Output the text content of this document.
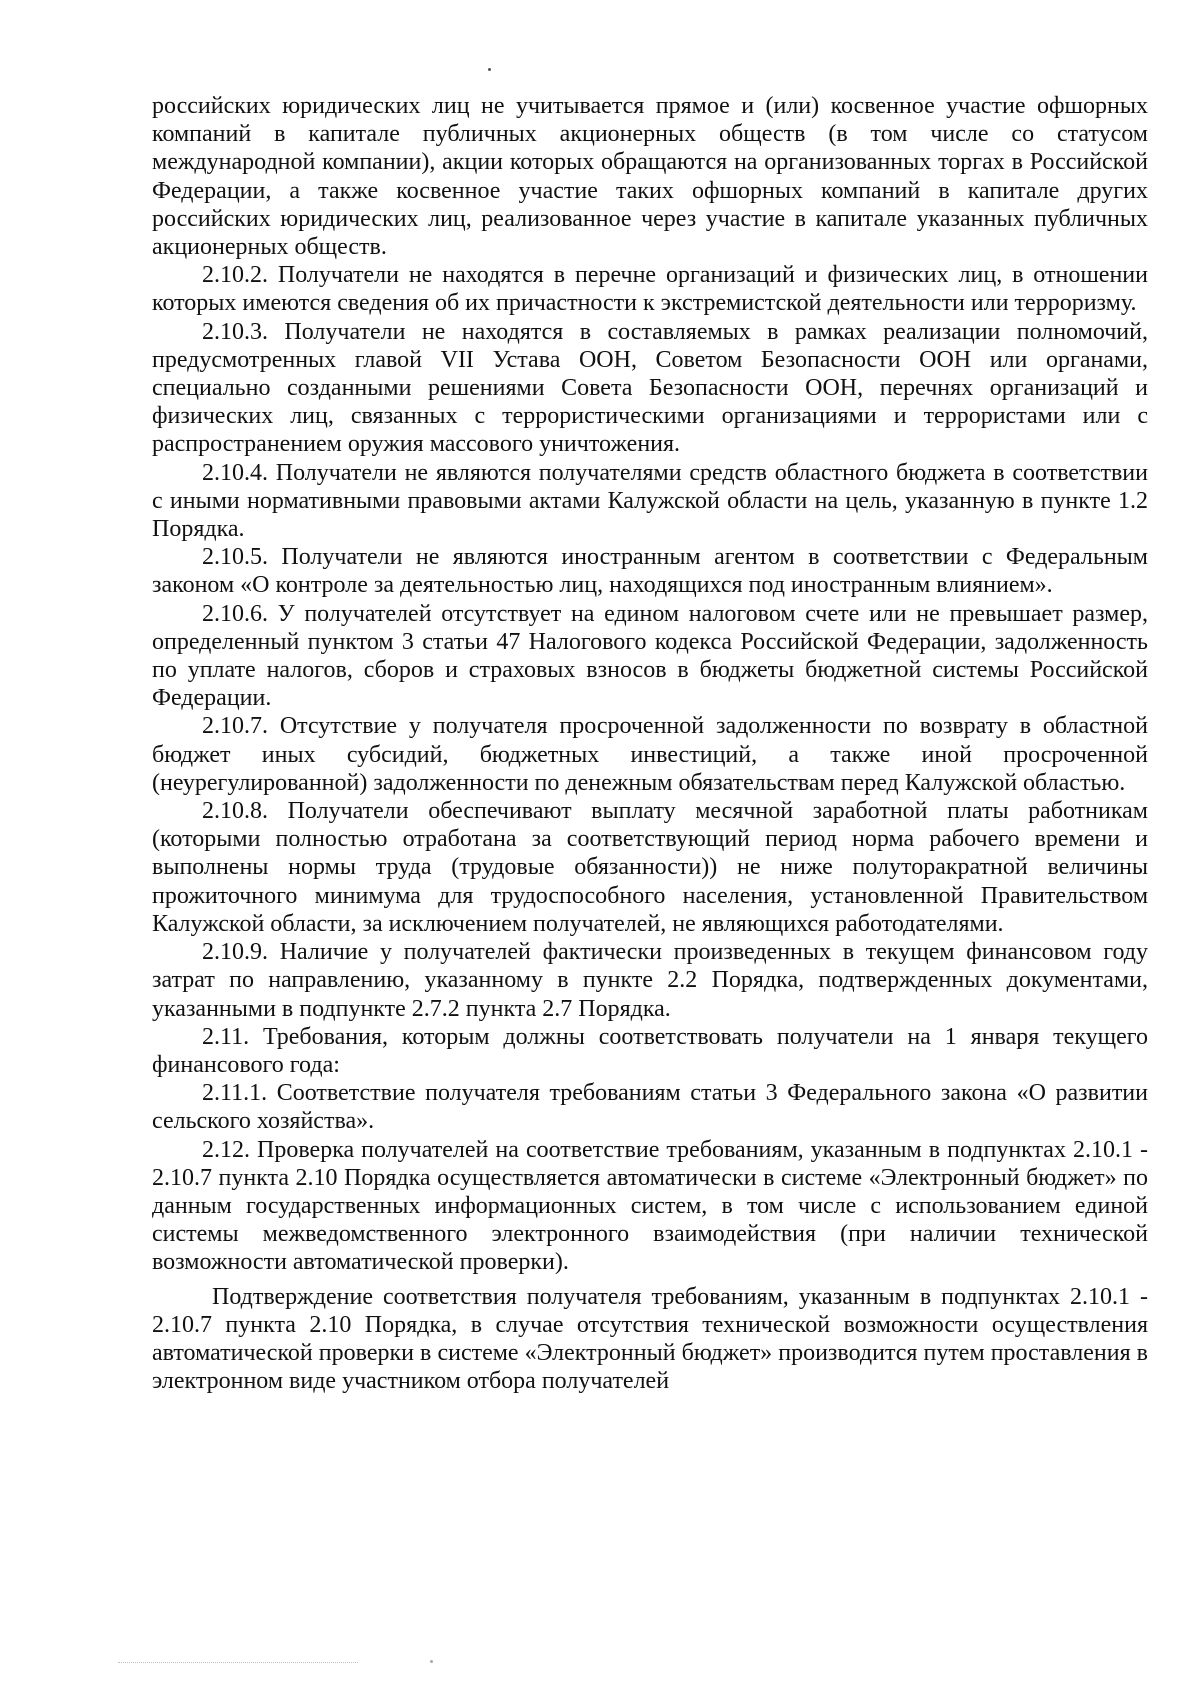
российских юридических лиц не учитывается прямое и (или) косвенное участие офшорных компаний в капитале публичных акционерных обществ (в том числе со статусом международной компании), акции которых обращаются на организованных торгах в Российской Федерации, а также косвенное участие таких офшорных компаний в капитале других российских юридических лиц, реализованное через участие в капитале указанных публичных акционерных обществ.

2.10.2. Получатели не находятся в перечне организаций и физических лиц, в отношении которых имеются сведения об их причастности к экстремистской деятельности или терроризму.

2.10.3. Получатели не находятся в составляемых в рамках реализации полномочий, предусмотренных главой VII Устава ООН, Советом Безопасности ООН или органами, специально созданными решениями Совета Безопасности ООН, перечнях организаций и физических лиц, связанных с террористическими организациями и террористами или с распространением оружия массового уничтожения.

2.10.4. Получатели не являются получателями средств областного бюджета в соответствии с иными нормативными правовыми актами Калужской области на цель, указанную в пункте 1.2 Порядка.

2.10.5. Получатели не являются иностранным агентом в соответствии с Федеральным законом «О контроле за деятельностью лиц, находящихся под иностранным влиянием».

2.10.6. У получателей отсутствует на едином налоговом счете или не превышает размер, определенный пунктом 3 статьи 47 Налогового кодекса Российской Федерации, задолженность по уплате налогов, сборов и страховых взносов в бюджеты бюджетной системы Российской Федерации.

2.10.7. Отсутствие у получателя просроченной задолженности по возврату в областной бюджет иных субсидий, бюджетных инвестиций, а также иной просроченной (неурегулированной) задолженности по денежным обязательствам перед Калужской областью.

2.10.8. Получатели обеспечивают выплату месячной заработной платы работникам (которыми полностью отработана за соответствующий период норма рабочего времени и выполнены нормы труда (трудовые обязанности)) не ниже полуторакратной величины прожиточного минимума для трудоспособного населения, установленной Правительством Калужской области, за исключением получателей, не являющихся работодателями.

2.10.9. Наличие у получателей фактически произведенных в текущем финансовом году затрат по направлению, указанному в пункте 2.2 Порядка, подтвержденных документами, указанными в подпункте 2.7.2 пункта 2.7 Порядка.

2.11. Требования, которым должны соответствовать получатели на 1 января текущего финансового года:

2.11.1. Соответствие получателя требованиям статьи 3 Федерального закона «О развитии сельского хозяйства».

2.12. Проверка получателей на соответствие требованиям, указанным в подпунктах 2.10.1 - 2.10.7 пункта 2.10 Порядка осуществляется автоматически в системе «Электронный бюджет» по данным государственных информационных систем, в том числе с использованием единой системы межведомственного электронного взаимодействия (при наличии технической возможности автоматической проверки).

Подтверждение соответствия получателя требованиям, указанным в подпунктах 2.10.1 - 2.10.7 пункта 2.10 Порядка, в случае отсутствия технической возможности осуществления автоматической проверки в системе «Электронный бюджет» производится путем проставления в электронном виде участником отбора получателей
